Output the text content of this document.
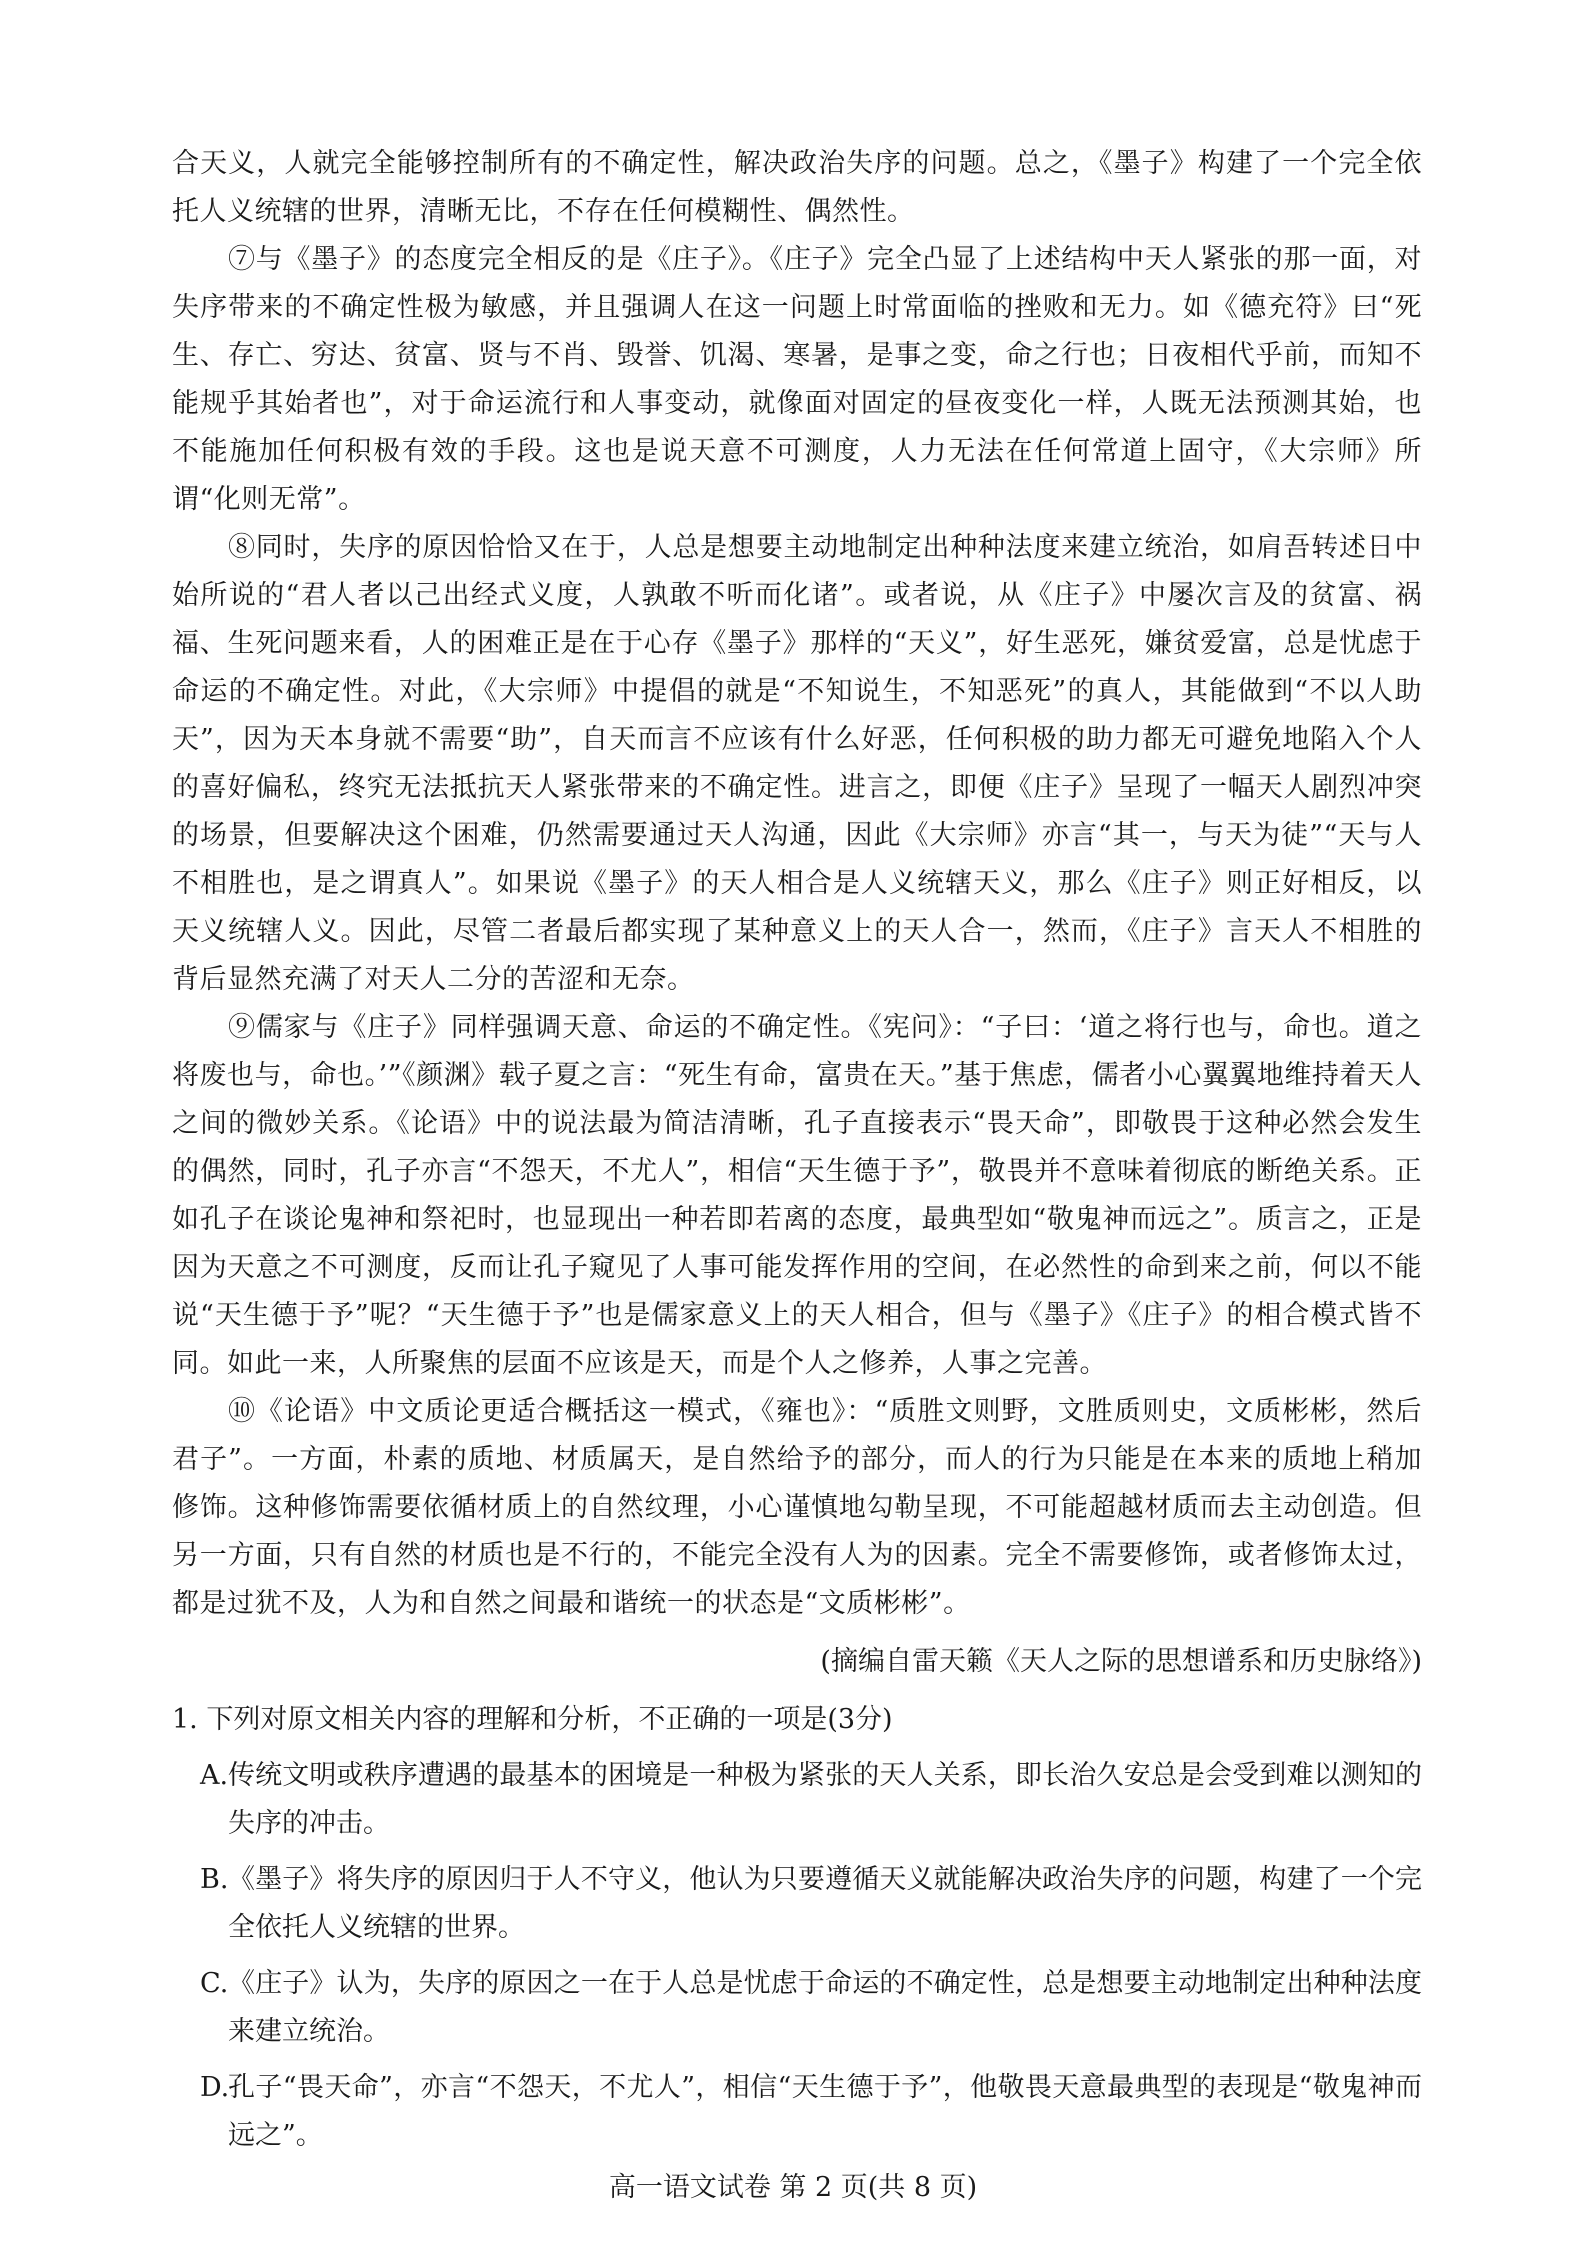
合天义，人就完全能够控制所有的不确定性，解决政治失序的问题。总之，《墨子》构建了一个完全依托人义统辖的世界，清晰无比，不存在任何模糊性、偶然性。

⑦与《墨子》的态度完全相反的是《庄子》。《庄子》完全凸显了上述结构中天人紧张的那一面，对失序带来的不确定性极为敏感，并且强调人在这一问题上时常面临的挫败和无力。如《德充符》曰“死生、存亡、穷达、贫富、贤与不肖、毁誉、饥渴、寒暑，是事之变，命之行也；日夜相代乎前，而知不能规乎其始者也”，对于命运流行和人事变动，就像面对固定的昼夜变化一样，人既无法预测其始，也不能施加任何积极有效的手段。这也是说天意不可测度，人力无法在任何常道上固守，《大宗师》所谓“化则无常”。

⑧同时，失序的原因恰恰又在于，人总是想要主动地制定出种种法度来建立统治，如肩吾转述日中始所说的“君人者以己出经式义度，人孰敢不听而化诸”。或者说，从《庄子》中屡次言及的贫富、祸福、生死问题来看，人的困难正是在于心存《墨子》那样的“天义”，好生恶死，嫌贫爱富，总是忧虑于命运的不确定性。对此，《大宗师》中提倡的就是“不知说生，不知恶死”的真人，其能做到“不以人助天”，因为天本身就不需要“助”，自天而言不应该有什么好恶，任何积极的助力都无可避免地陷入个人的喜好偏私，终究无法抵抗天人紧张带来的不确定性。进言之，即便《庄子》呈现了一幅天人剧烈冲突的场景，但要解决这个困难，仍然需要通过天人沟通，因此《大宗师》亦言“其一，与天为徒”“天与人不相胜也，是之谓真人”。如果说《墨子》的天人相合是人义统辖天义，那么《庄子》则正好相反，以天义统辖人义。因此，尽管二者最后都实现了某种意义上的天人合一，然而，《庄子》言天人不相胜的背后显然充满了对天人二分的苦涩和无奈。

⑨儒家与《庄子》同样强调天意、命运的不确定性。《宪问》：“子曰：‘道之将行也与，命也。道之将废也与，命也。’”《颜渊》载子夏之言：“死生有命，富贵在天。”基于焦虑，儒者小心翼翼地维持着天人之间的微妙关系。《论语》中的说法最为简洁清晰，孔子直接表示“畏天命”，即敬畏于这种必然会发生的偶然，同时，孔子亦言“不怨天，不尤人”，相信“天生德于予”，敬畏并不意味着彻底的断绝关系。正如孔子在谈论鬼神和祭祀时，也显现出一种若即若离的态度，最典型如“敬鬼神而远之”。质言之，正是因为天意之不可测度，反而让孔子窥见了人事可能发挥作用的空间，在必然性的命到来之前，何以不能说“天生德于予”呢？“天生德于予”也是儒家意义上的天人相合，但与《墨子》《庄子》的相合模式皆不同。如此一来，人所聚焦的层面不应该是天，而是个人之修养，人事之完善。

⑩《论语》中文质论更适合概括这一模式，《雍也》：“质胜文则野，文胜质则史，文质彬彬，然后君子”。一方面，朴素的质地、材质属天，是自然给予的部分，而人的行为只能是在本来的质地上稍加修饰。这种修饰需要依循材质上的自然纹理，小心谨慎地勾勒呈现，不可能超越材质而去主动创造。但另一方面，只有自然的材质也是不行的，不能完全没有人为的因素。完全不需要修饰，或者修饰太过，都是过犹不及，人为和自然之间最和谐统一的状态是“文质彬彬”。

(摘编自雷天籁《天人之际的思想谱系和历史脉络》)

1. 下列对原文相关内容的理解和分析，不正确的一项是(3分)

A. 传统文明或秩序遭遇的最基本的困境是一种极为紧张的天人关系，即长治久安总是会受到难以测知的失序的冲击。

B. 《墨子》将失序的原因归于人不守义，他认为只要遵循天义就能解决政治失序的问题，构建了一个完全依托人义统辖的世界。

C. 《庄子》认为，失序的原因之一在于人总是忧虑于命运的不确定性，总是想要主动地制定出种种法度来建立统治。

D.
孔子“畏天命”，亦言“不怨天，不尤人”，相信“天生德于予”，他敬畏天意最典型的表现是“敬鬼神而远之”。

高一语文试卷 第 2 页(共 8 页)
